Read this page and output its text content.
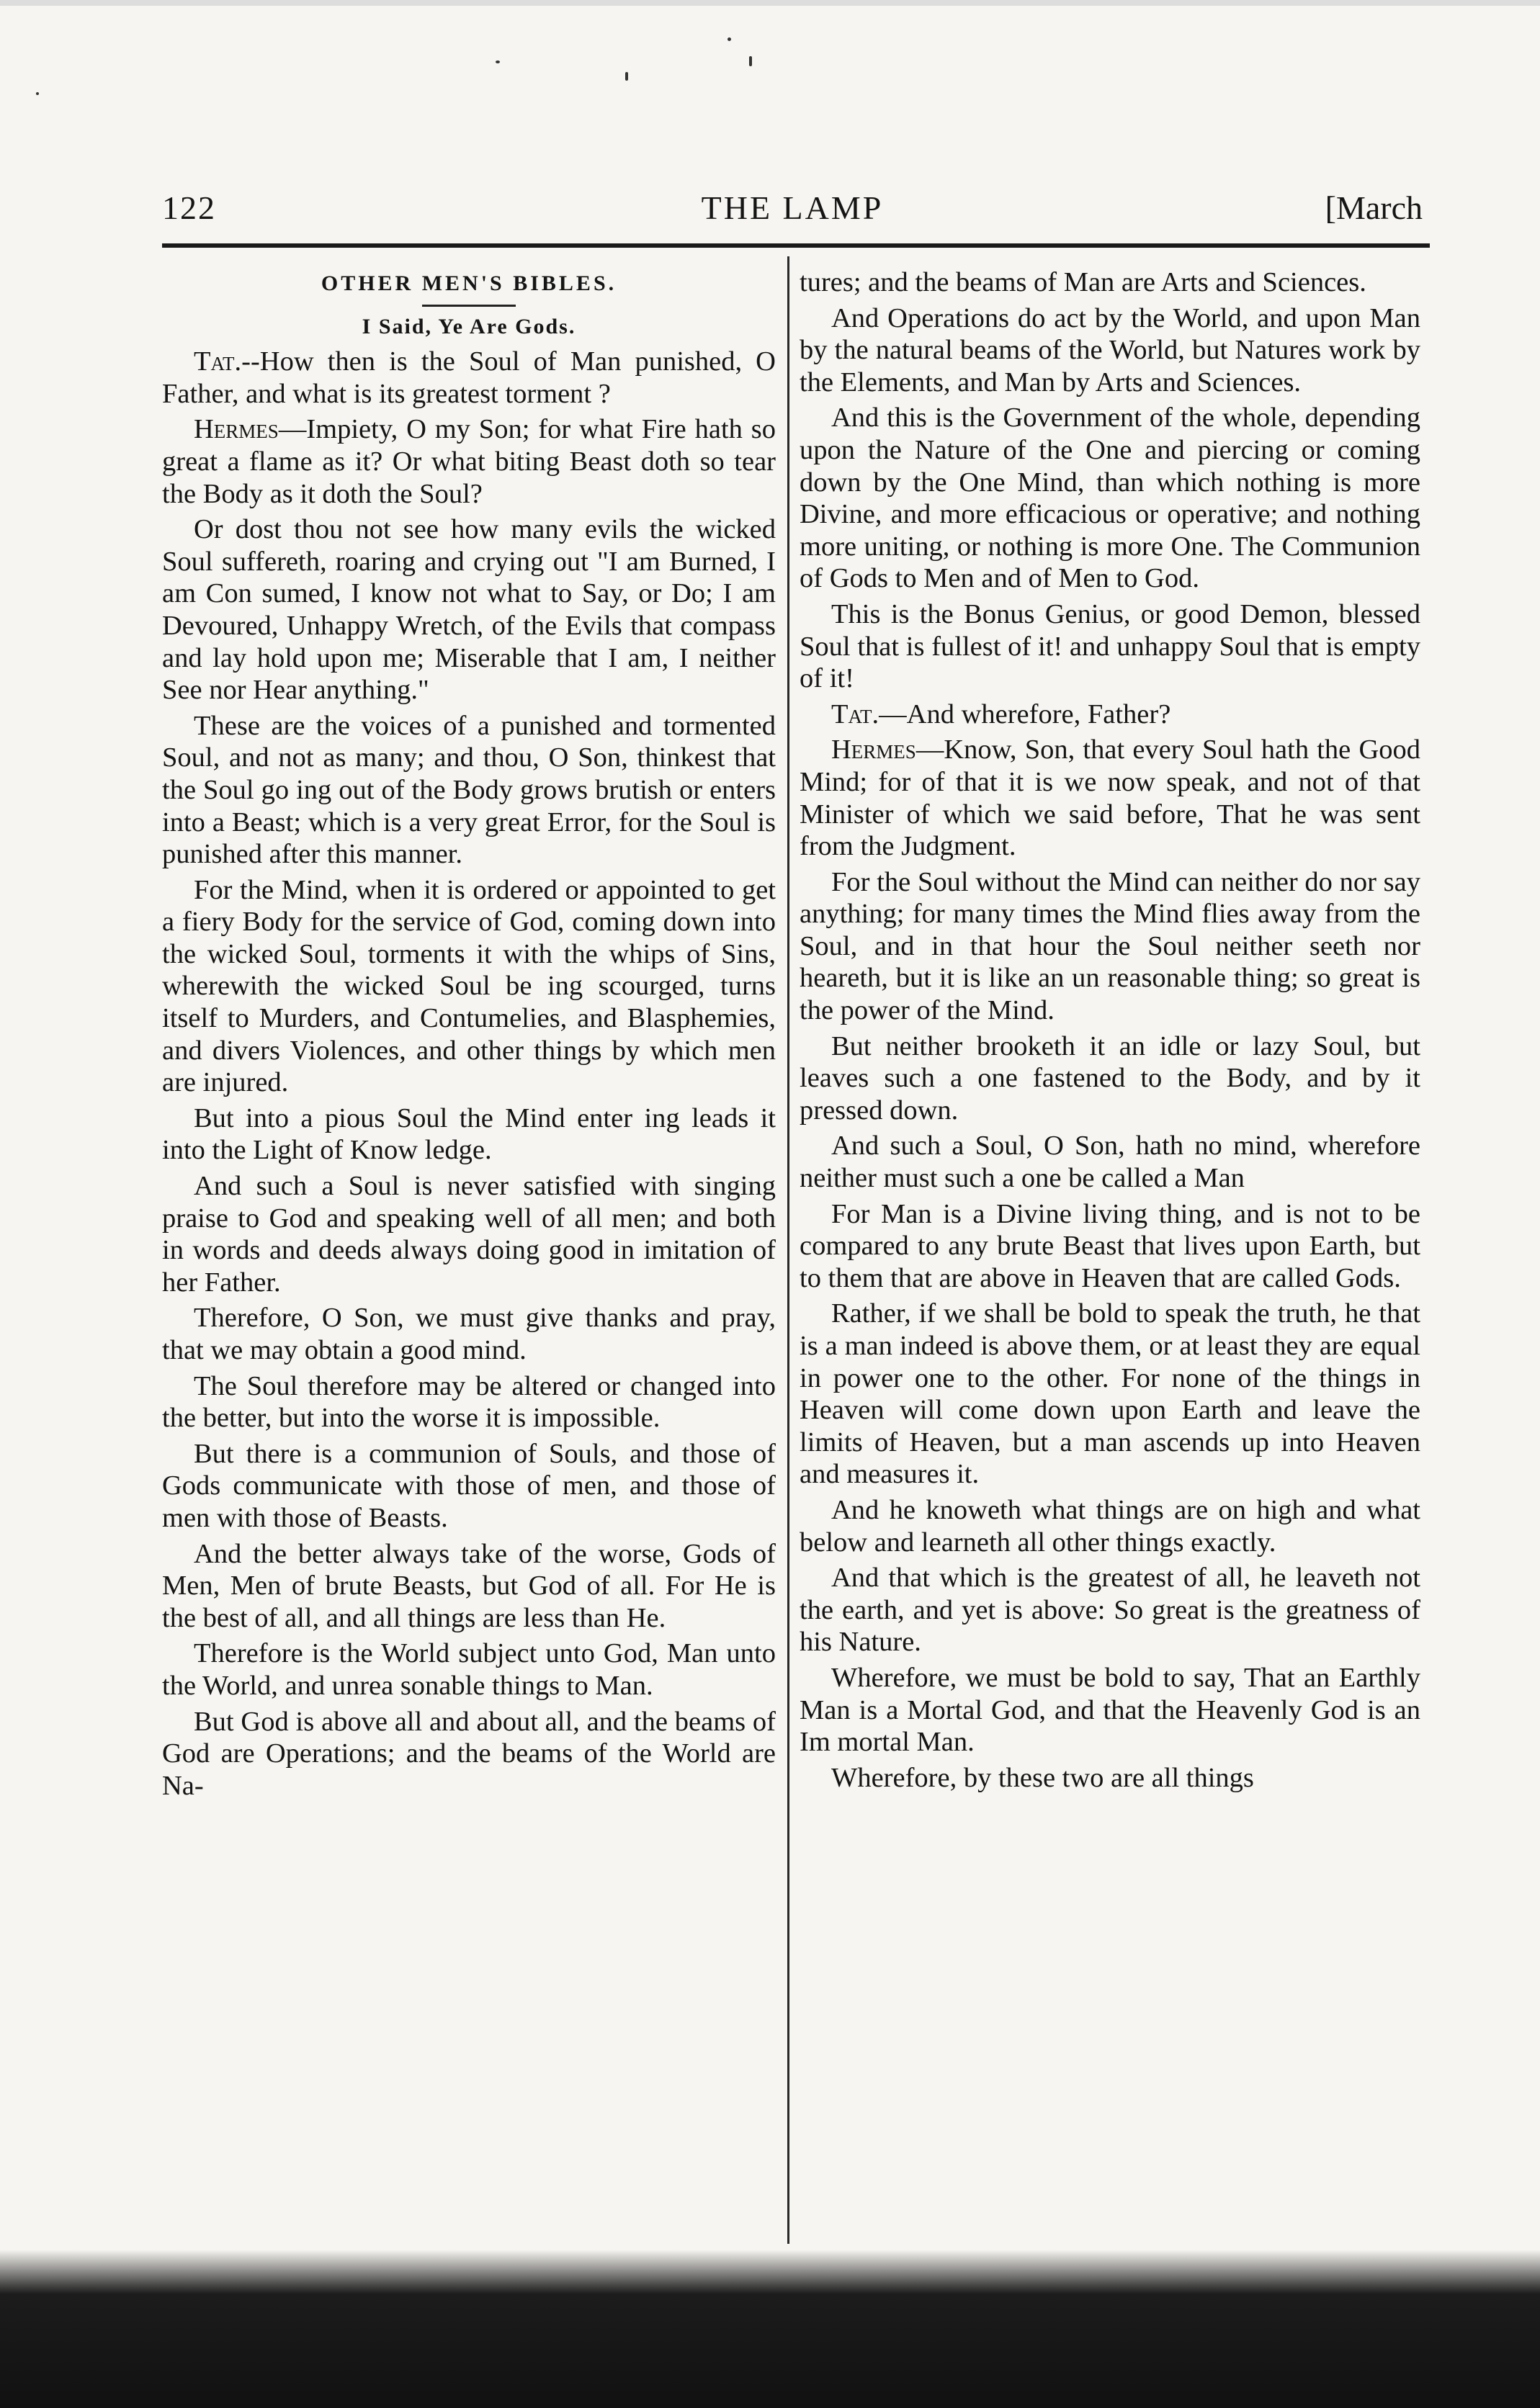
122	THE LAMP	[March
OTHER MEN'S BIBLES.
I Said, Ye Are Gods.

Tat.--How then is the Soul of Man punished, O Father, and what is its greatest torment ?

Hermes—Impiety, O my Son; for what Fire hath so great a flame as it? Or what biting Beast doth so tear the Body as it doth the Soul?

Or dost thou not see how many evils the wicked Soul suffereth, roaring and crying out "I am Burned, I am Con sumed, I know not what to Say, or Do; I am Devoured, Unhappy Wretch, of the Evils that compass and lay hold upon me; Miserable that I am, I neither See nor Hear anything."

These are the voices of a punished and tormented Soul, and not as many; and thou, O Son, thinkest that the Soul go ing out of the Body grows brutish or enters into a Beast; which is a very great Error, for the Soul is punished after this manner.

For the Mind, when it is ordered or appointed to get a fiery Body for the service of God, coming down into the wicked Soul, torments it with the whips of Sins, wherewith the wicked Soul be ing scourged, turns itself to Murders, and Contumelies, and Blasphemies, and divers Violences, and other things by which men are injured.

But into a pious Soul the Mind enter ing leads it into the Light of Know ledge.

And such a Soul is never satisfied with singing praise to God and speaking well of all men; and both in words and deeds always doing good in imitation of her Father.

Therefore, O Son, we must give thanks and pray, that we may obtain a good mind.

The Soul therefore may be altered or changed into the better, but into the worse it is impossible.

But there is a communion of Souls, and those of Gods communicate with those of men, and those of men with those of Beasts.

And the better always take of the worse, Gods of Men, Men of brute Beasts, but God of all. For He is the best of all, and all things are less than He.

Therefore is the World subject unto God, Man unto the World, and unrea sonable things to Man.

But God is above all and about all, and the beams of God are Operations; and the beams of the World are Na-

tures; and the beams of Man are Arts and Sciences.

And Operations do act by the World, and upon Man by the natural beams of the World, but Natures work by the Elements, and Man by Arts and Sciences.

And this is the Government of the whole, depending upon the Nature of the One and piercing or coming down by the One Mind, than which nothing is more Divine, and more efficacious or operative; and nothing more uniting, or nothing is more One. The Communion of Gods to Men and of Men to God.

This is the Bonus Genius, or good Demon, blessed Soul that is fullest of it! and unhappy Soul that is empty of it!

Tat.—And wherefore, Father?

Hermes—Know, Son, that every Soul hath the Good Mind; for of that it is we now speak, and not of that Minister of which we said before, That he was sent from the Judgment.

For the Soul without the Mind can neither do nor say anything; for many times the Mind flies away from the Soul, and in that hour the Soul neither seeth nor heareth, but it is like an un reasonable thing; so great is the power of the Mind.

But neither brooketh it an idle or lazy Soul, but leaves such a one fastened to the Body, and by it pressed down.

And such a Soul, O Son, hath no mind, wherefore neither must such a one be called a Man

For Man is a Divine living thing, and is not to be compared to any brute Beast that lives upon Earth, but to them that are above in Heaven that are called Gods.

Rather, if we shall be bold to speak the truth, he that is a man indeed is above them, or at least they are equal in power one to the other. For none of the things in Heaven will come down upon Earth and leave the limits of Heaven, but a man ascends up into Heaven and measures it.

And he knoweth what things are on high and what below and learneth all other things exactly.

And that which is the greatest of all, he leaveth not the earth, and yet is above: So great is the greatness of his Nature.

Wherefore, we must be bold to say, That an Earthly Man is a Mortal God, and that the Heavenly God is an Im mortal Man.

Wherefore, by these two are all things
